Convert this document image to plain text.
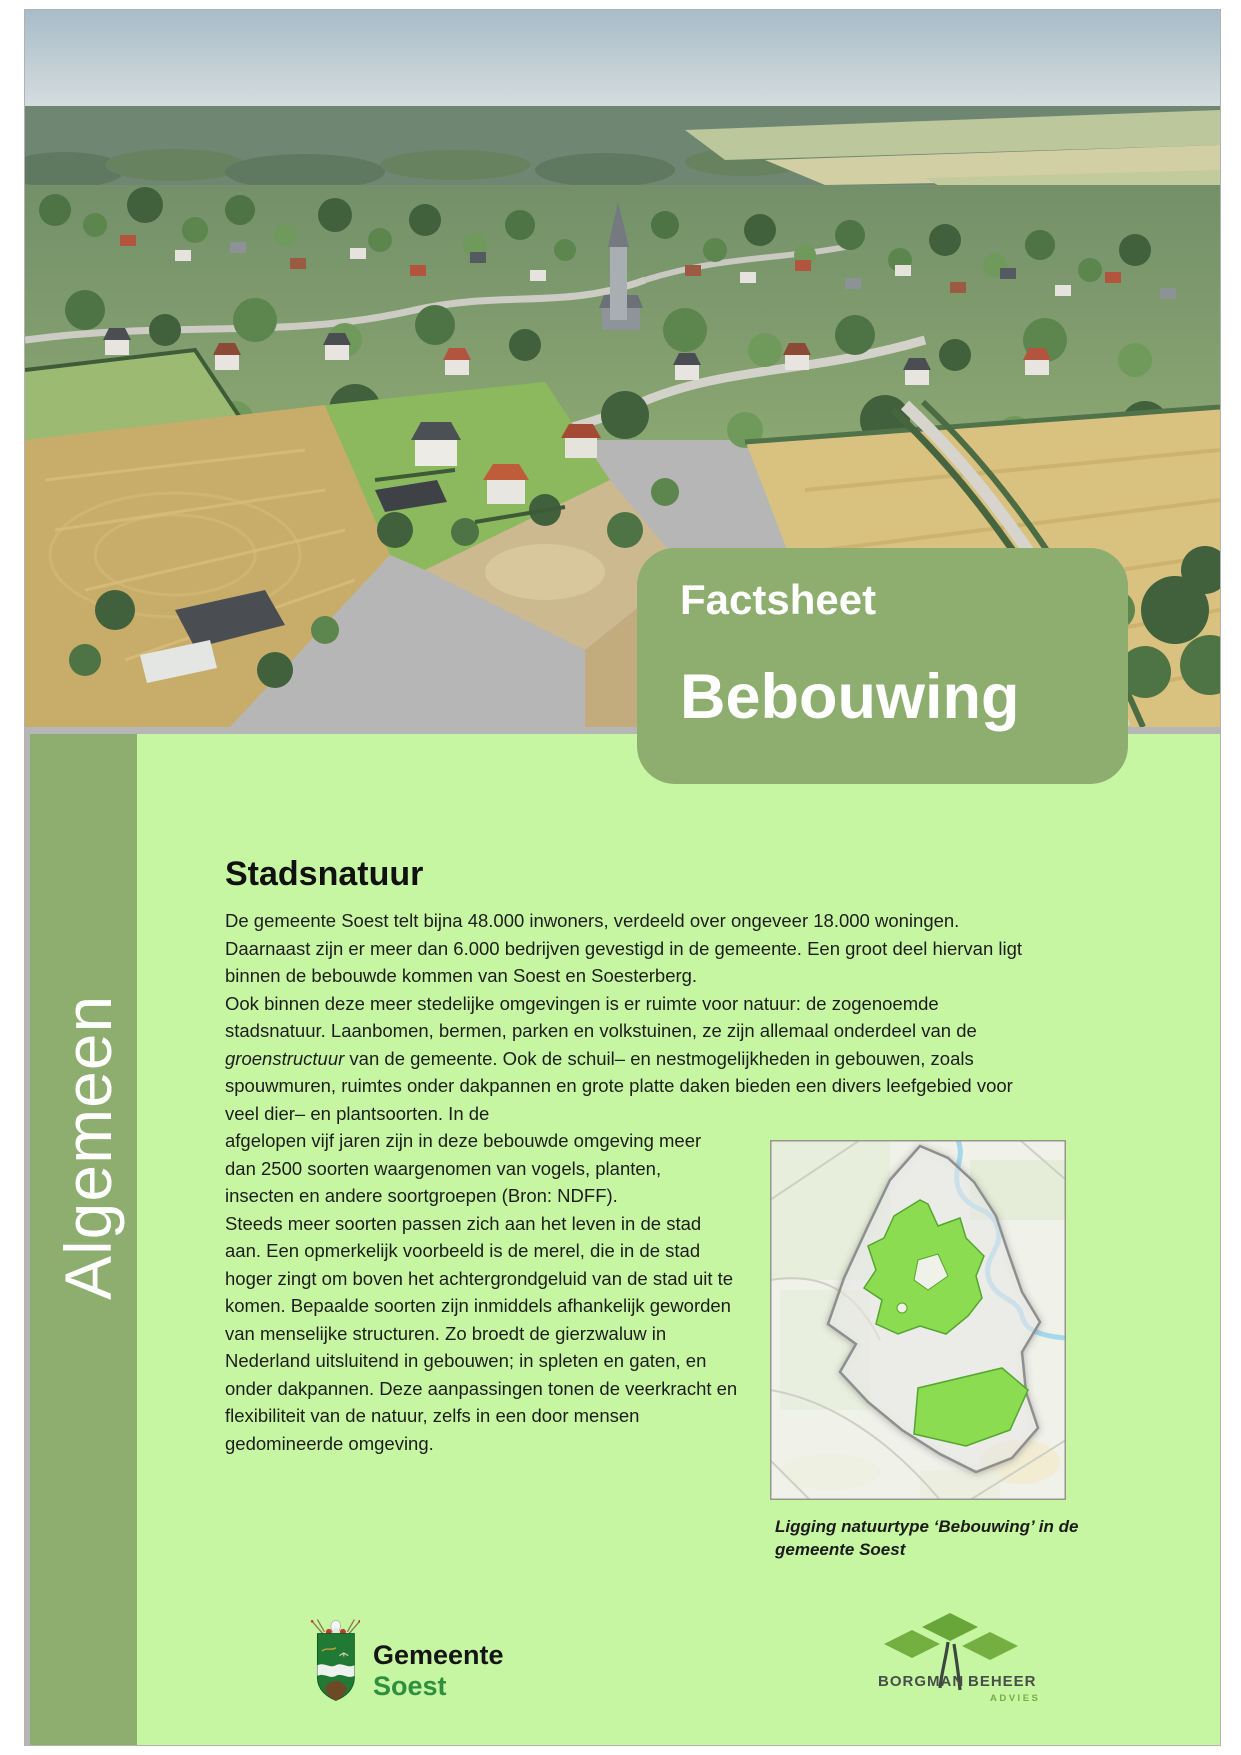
Algemeen
Factsheet
Bebouwing
Stadsnatuur

De gemeente Soest telt bijna 48.000 inwoners, verdeeld over ongeveer 18.000 woningen. Daarnaast zijn er meer dan 6.000 bedrijven gevestigd in de gemeente. Een groot deel hiervan ligt binnen de bebouwde kommen van Soest en Soesterberg.

Ook binnen deze meer stedelijke omgevingen is er ruimte voor natuur: de zogenoemde stadsnatuur. Laanbomen, bermen, parken en volkstuinen, ze zijn allemaal onderdeel van de groenstructuur van de gemeente. Ook de schuil– en nestmogelijkheden in gebouwen, zoals spouwmuren, ruimtes onder dakpannen en grote platte daken bieden een divers leefgebied voor veel dier– en plantsoorten. In de

afgelopen vijf jaren zijn in deze bebouwde omgeving meer dan 2500 soorten waargenomen van vogels, planten, insecten en andere soortgroepen (Bron: NDFF).

Steeds meer soorten passen zich aan het leven in de stad aan. Een opmerkelijk voorbeeld is de merel, die in de stad hoger zingt om boven het achtergrondgeluid van de stad uit te komen. Bepaalde soorten zijn inmiddels afhankelijk geworden van menselijke structuren. Zo broedt de gierzwaluw in Nederland uitsluitend in gebouwen; in spleten en gaten, en onder dakpannen. Deze aanpassingen tonen de veerkracht en flexibiliteit van de natuur, zelfs in een door mensen gedomineerde omgeving.

Ligging natuurtype ‘Bebouwing’ in de gemeente Soest
Gemeente
Soest	BORGMAN BEHEER
ADVIES
